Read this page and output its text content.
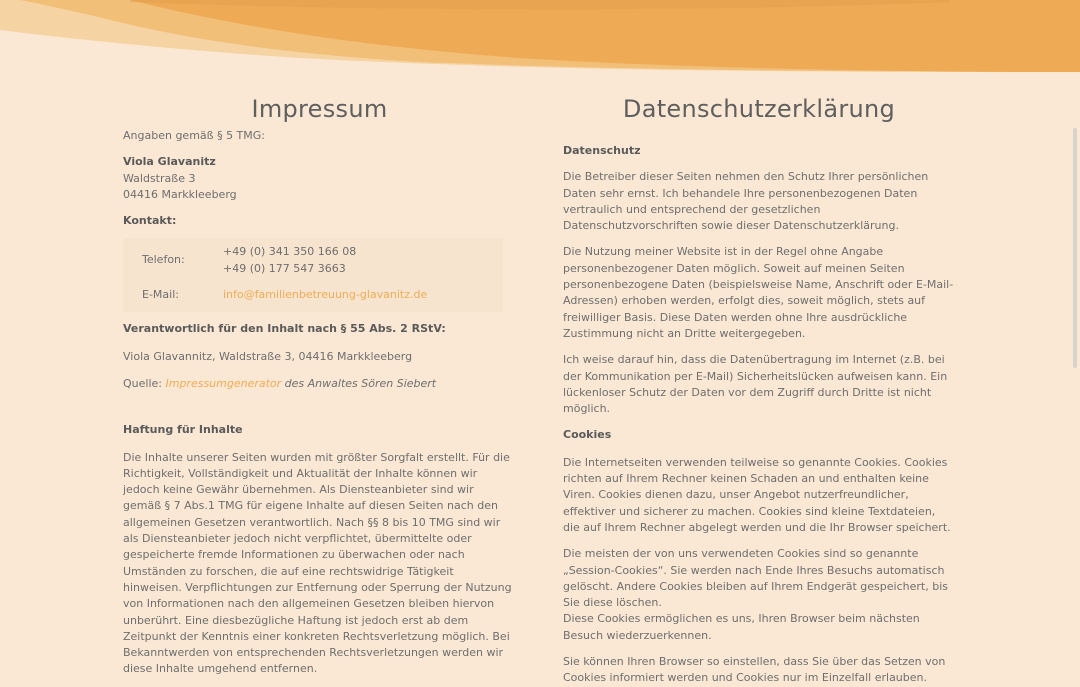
Impressum

Angaben gemäß § 5 TMG:

Viola Glavanitz

Waldstraße 3

04416 Markkleeberg

Kontakt:

Telefon:
+49 (0) 341 350 166 08
+49 (0) 177 547 3663
E-Mail:	info@familienbetreuung-glavanitz.de

Verantwortlich für den Inhalt nach § 55 Abs. 2 RStV:

Viola Glavannitz, Waldstraße 3, 04416 Markkleeberg

Quelle: Impressumgenerator des Anwaltes Sören Siebert

Haftung für Inhalte

Die Inhalte unserer Seiten wurden mit größter Sorgfalt erstellt. Für die Richtigkeit, Vollständigkeit und Aktualität der Inhalte können wir jedoch keine Gewähr übernehmen. Als Diensteanbieter sind wir gemäß § 7 Abs.1 TMG für eigene Inhalte auf diesen Seiten nach den allgemeinen Gesetzen verantwortlich. Nach §§ 8 bis 10 TMG sind wir als Diensteanbieter jedoch nicht verpflichtet, übermittelte oder gespeicherte fremde Informationen zu überwachen oder nach Umständen zu forschen, die auf eine rechtswidrige Tätigkeit hinweisen. Verpflichtungen zur Entfernung oder Sperrung der Nutzung von Informationen nach den allgemeinen Gesetzen bleiben hiervon unberührt. Eine diesbezügliche Haftung ist jedoch erst ab dem Zeitpunkt der Kenntnis einer konkreten Rechtsverletzung möglich. Bei Bekanntwerden von entsprechenden Rechtsverletzungen werden wir diese Inhalte umgehend entfernen.

Datenschutzerklärung

Datenschutz

Die Betreiber dieser Seiten nehmen den Schutz Ihrer persönlichen Daten sehr ernst. Ich behandele Ihre personenbezogenen Daten vertraulich und entsprechend der gesetzlichen Datenschutzvorschriften sowie dieser Datenschutzerklärung.

Die Nutzung meiner Website ist in der Regel ohne Angabe personenbezogener Daten möglich. Soweit auf meinen Seiten personenbezogene Daten (beispielsweise Name, Anschrift oder E-Mail-Adressen) erhoben werden, erfolgt dies, soweit möglich, stets auf freiwilliger Basis. Diese Daten werden ohne Ihre ausdrückliche Zustimmung nicht an Dritte weitergegeben.

Ich weise darauf hin, dass die Datenübertragung im Internet (z.B. bei der Kommunikation per E-Mail) Sicherheitslücken aufweisen kann. Ein lückenloser Schutz der Daten vor dem Zugriff durch Dritte ist nicht möglich.

Cookies

Die Internetseiten verwenden teilweise so genannte Cookies. Cookies richten auf Ihrem Rechner keinen Schaden an und enthalten keine Viren. Cookies dienen dazu, unser Angebot nutzerfreundlicher, effektiver und sicherer zu machen. Cookies sind kleine Textdateien, die auf Ihrem Rechner abgelegt werden und die Ihr Browser speichert.

Die meisten der von uns verwendeten Cookies sind so genannte „Session-Cookies“. Sie werden nach Ende Ihres Besuchs automatisch gelöscht. Andere Cookies bleiben auf Ihrem Endgerät gespeichert, bis Sie diese löschen.

Diese Cookies ermöglichen es uns, Ihren Browser beim nächsten Besuch wiederzuerkennen.

Sie können Ihren Browser so einstellen, dass Sie über das Setzen von Cookies informiert werden und Cookies nur im Einzelfall erlauben.
